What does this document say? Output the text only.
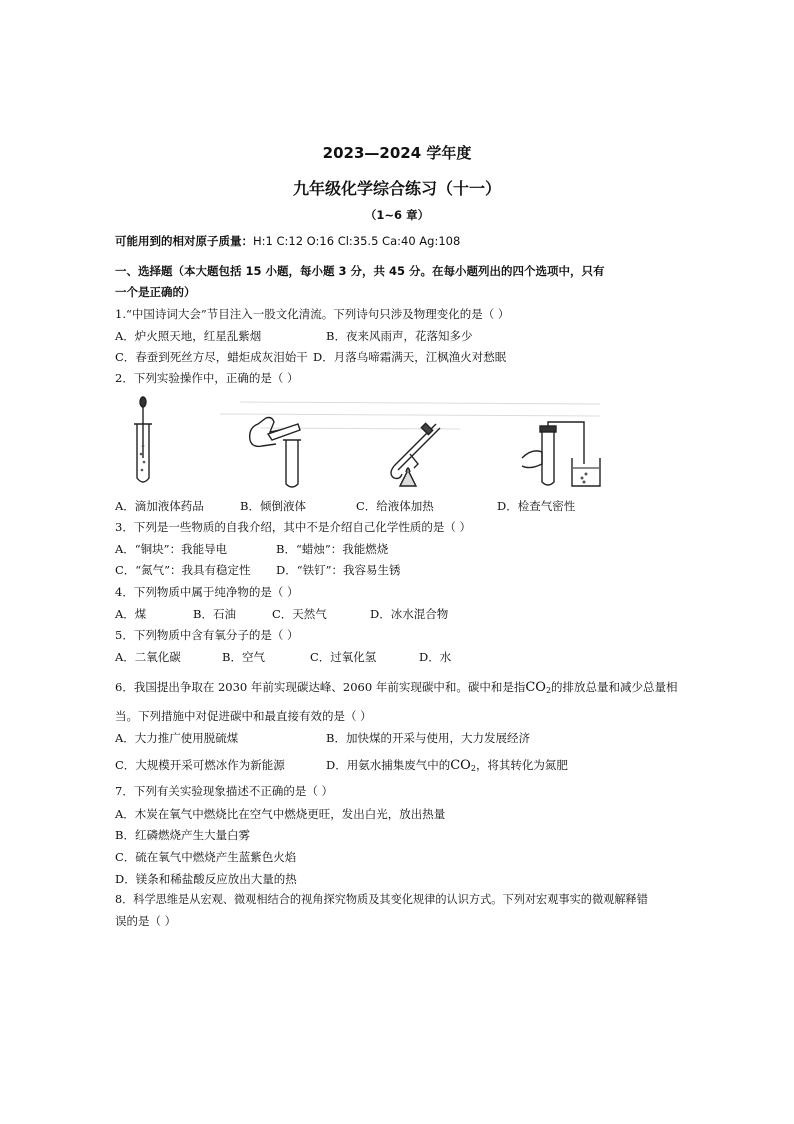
2023—2024 学年度
九年级化学综合练习（十一）
（1~6 章）
可能用到的相对原子质量：H:1 C:12 O:16 Cl:35.5 Ca:40 Ag:108
一、选择题（本大题包括 15 小题，每小题 3 分，共 45 分。在每小题列出的四个选项中，只有
一个是正确的）
1.“中国诗词大会”节目注入一股文化清流。下列诗句只涉及物理变化的是（ ）
A．炉火照天地，红星乱紫烟	B．夜来风雨声，花落知多少
C．春蚕到死丝方尽，蜡炬成灰泪始干 D．月落乌啼霜满天，江枫渔火对愁眠
2．下列实验操作中，正确的是（ ）
A．滴加液体药品	B．倾倒液体	C．给液体加热	D．检查气密性
3．下列是一些物质的自我介绍，其中不是介绍自己化学性质的是（ ）
A．“铜块”：我能导电	B．“蜡烛”：我能燃烧
C．“氮气”：我具有稳定性 D．“铁钉”：我容易生锈
4．下列物质中属于纯净物的是（ ）
A．煤	B．石油	C．天然气	D．冰水混合物
5．下列物质中含有氧分子的是（ ）
A．二氧化碳	B．空气	C．过氧化氢	D．水
6．我国提出争取在 2030 年前实现碳达峰、2060 年前实现碳中和。碳中和是指$CO_2$的排放总量和减少总量相
当。下列措施中对促进碳中和最直接有效的是（ ）
A．大力推广使用脱硫煤	B．加快煤的开采与使用，大力发展经济
C．大规模开采可燃冰作为新能源	D．用氨水捕集废气中的$CO_2$，将其转化为氮肥
7．下列有关实验现象描述不正确的是（ ）
A．木炭在氧气中燃烧比在空气中燃烧更旺，发出白光，放出热量
B．红磷燃烧产生大量白雾
C．硫在氧气中燃烧产生蓝紫色火焰
D．镁条和稀盐酸反应放出大量的热
8．科学思维是从宏观、微观相结合的视角探究物质及其变化规律的认识方式。下列对宏观事实的微观解释错
误的是（ ）
